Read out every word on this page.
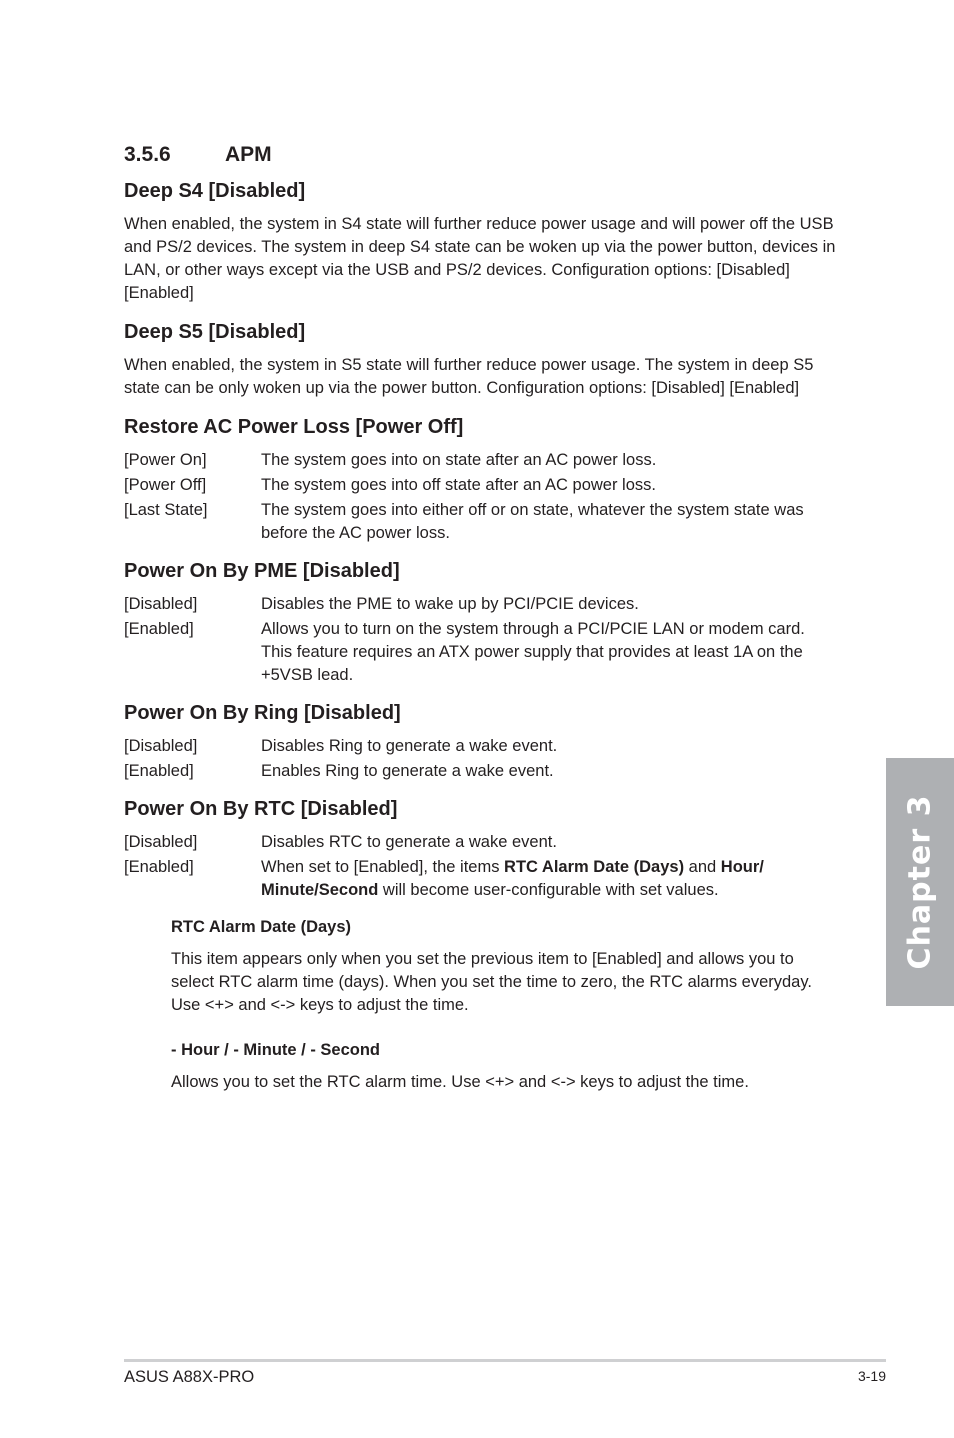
3.5.6	APM
Deep S4 [Disabled]

When enabled, the system in S4 state will further reduce power usage and will power off the USB and PS/2 devices. The system in deep S4 state can be woken up via the power button, devices in LAN, or other ways except via the USB and PS/2 devices. Configuration options: [Disabled] [Enabled]

Deep S5 [Disabled]

When enabled, the system in S5 state will further reduce power usage. The system in deep S5 state can be only woken up via the power button. Configuration options: [Disabled] [Enabled]

Restore AC Power Loss [Power Off]
[Power On]	The system goes into on state after an AC power loss.
[Power Off]	The system goes into off state after an AC power loss.
[Last State]	The system goes into either off or on state, whatever the system state was before the AC power loss.
Power On By PME [Disabled]
[Disabled]	Disables the PME to wake up by PCI/PCIE devices.
[Enabled]	Allows you to turn on the system through a PCI/PCIE LAN or modem card. This feature requires an ATX power supply that provides at least 1A on the +5VSB lead.
Power On By Ring [Disabled]
[Disabled]	Disables Ring to generate a wake event.
[Enabled]	Enables Ring to generate a wake event.
Power On By RTC [Disabled]
[Disabled]	Disables RTC to generate a wake event.
[Enabled]	When set to [Enabled], the items RTC Alarm Date (Days) and Hour/ Minute/Second will become user-configurable with set values.
RTC Alarm Date (Days)

This item appears only when you set the previous item to [Enabled] and allows you to select RTC alarm time (days). When you set the time to zero, the RTC alarms everyday. Use <+> and <-> keys to adjust the time.

- Hour / - Minute / - Second

Allows you to set the RTC alarm time. Use <+> and <-> keys to adjust the time.

Chapter 3
ASUS A88X-PRO	3-19
